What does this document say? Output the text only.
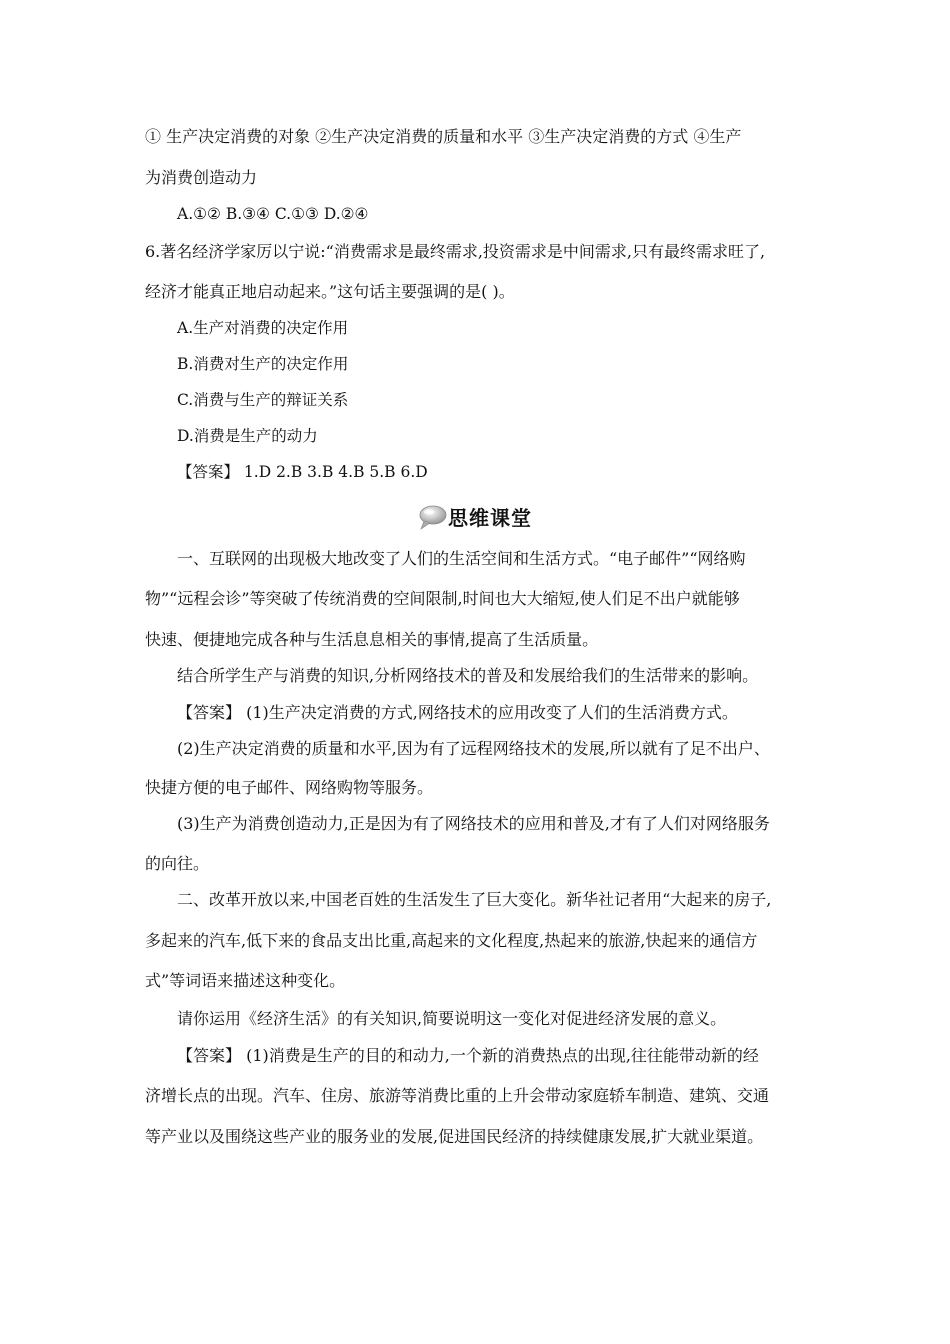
① 生产决定消费的对象 ②生产决定消费的质量和水平 ③生产决定消费的方式 ④生产
为消费创造动力
A.①② B.③④ C.①③ D.②④
6.著名经济学家厉以宁说:“消费需求是最终需求,投资需求是中间需求,只有最终需求旺了,
经济才能真正地启动起来。”这句话主要强调的是( )。
A.生产对消费的决定作用
B.消费对生产的决定作用
C.消费与生产的辩证关系
D.消费是生产的动力
【答案】 1.D 2.B 3.B 4.B 5.B 6.D
思维课堂
一、互联网的出现极大地改变了人们的生活空间和生活方式。“电子邮件”“网络购
物”“远程会诊”等突破了传统消费的空间限制,时间也大大缩短,使人们足不出户就能够
快速、便捷地完成各种与生活息息相关的事情,提高了生活质量。
结合所学生产与消费的知识,分析网络技术的普及和发展给我们的生活带来的影响。
【答案】 (1)生产决定消费的方式,网络技术的应用改变了人们的生活消费方式。
(2)生产决定消费的质量和水平,因为有了远程网络技术的发展,所以就有了足不出户、
快捷方便的电子邮件、网络购物等服务。
(3)生产为消费创造动力,正是因为有了网络技术的应用和普及,才有了人们对网络服务
的向往。
二、改革开放以来,中国老百姓的生活发生了巨大变化。新华社记者用“大起来的房子,
多起来的汽车,低下来的食品支出比重,高起来的文化程度,热起来的旅游,快起来的通信方
式”等词语来描述这种变化。
请你运用《经济生活》的有关知识,简要说明这一变化对促进经济发展的意义。
【答案】 (1)消费是生产的目的和动力,一个新的消费热点的出现,往往能带动新的经
济增长点的出现。汽车、住房、旅游等消费比重的上升会带动家庭轿车制造、建筑、交通
等产业以及围绕这些产业的服务业的发展,促进国民经济的持续健康发展,扩大就业渠道。
